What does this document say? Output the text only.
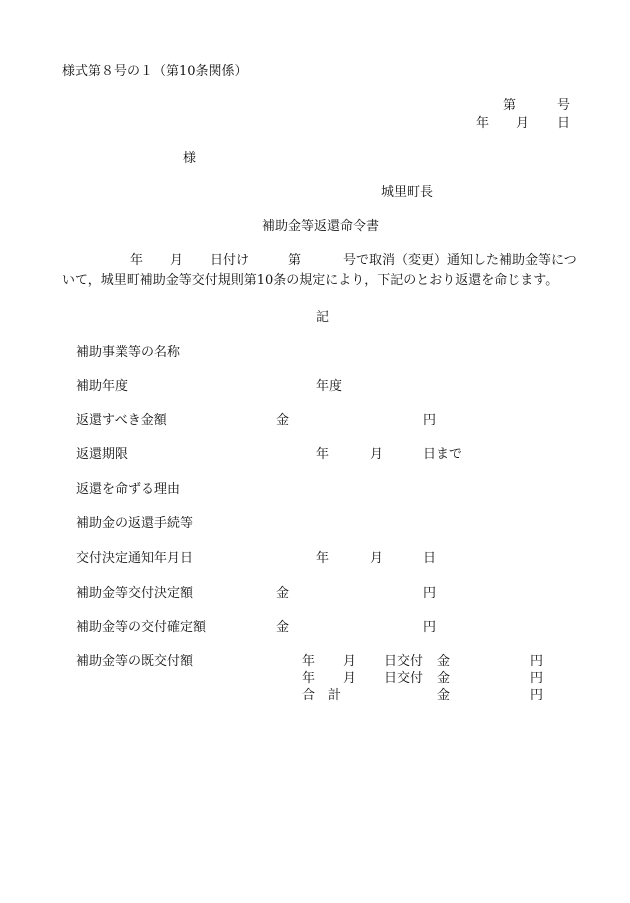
様式第８号の１（第10条関係）
第	号
年 月 日
様
城里町長
補助金等返還命令書
年 月 日付け	第	号で取消（変更）通知した補助金等につ
いて，城里町補助金等交付規則第10条の規定により，下記のとおり返還を命じます。
記
補助事業等の名称
補助年度	年度
返還すべき金額	金	円
返還期限	年	月	日まで
返還を命ずる理由
補助金の返還手続等
交付決定通知年月日	年	月	日
補助金等交付決定額	金	円
補助金等の交付確定額	金	円
補助金等の既交付額	年 月 日交付 金	円
年 月 日交付 金	円
合　計	金	円
